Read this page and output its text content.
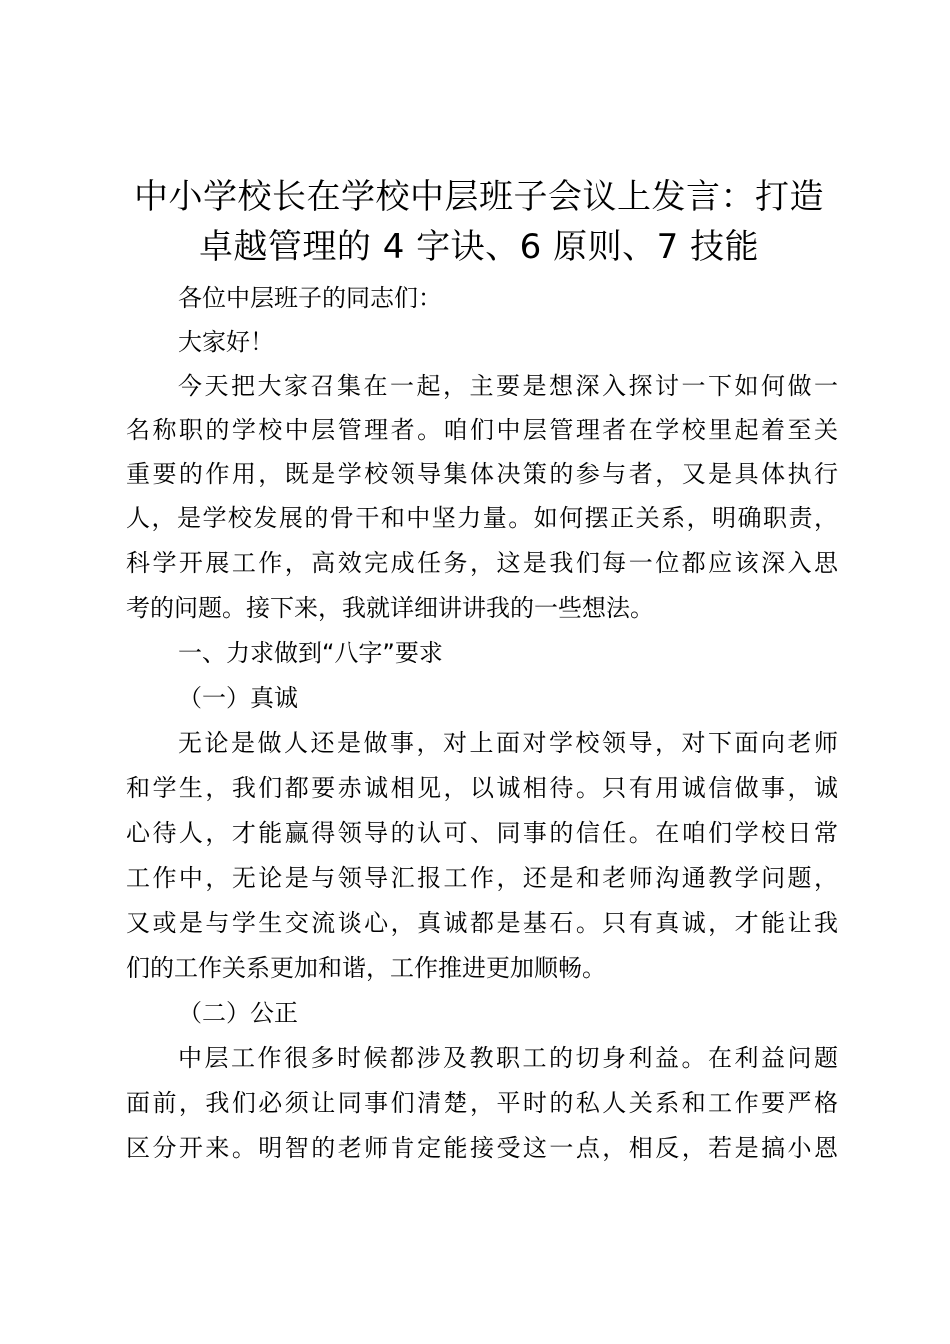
中小学校长在学校中层班子会议上发言：打造
卓越管理的 4 字诀、6 原则、7 技能

各位中层班子的同志们：

大家好！

今天把大家召集在一起，主要是想深入探讨一下如何做一

名称职的学校中层管理者。咱们中层管理者在学校里起着至关

重要的作用，既是学校领导集体决策的参与者，又是具体执行

人，是学校发展的骨干和中坚力量。如何摆正关系，明确职责，

科学开展工作，高效完成任务，这是我们每一位都应该深入思

考的问题。接下来，我就详细讲讲我的一些想法。

一、力求做到“八字”要求

（一）真诚

无论是做人还是做事，对上面对学校领导，对下面向老师

和学生，我们都要赤诚相见，以诚相待。只有用诚信做事，诚

心待人，才能赢得领导的认可、同事的信任。在咱们学校日常

工作中，无论是与领导汇报工作，还是和老师沟通教学问题，

又或是与学生交流谈心，真诚都是基石。只有真诚，才能让我

们的工作关系更加和谐，工作推进更加顺畅。

（二）公正

中层工作很多时候都涉及教职工的切身利益。在利益问题

面前，我们必须让同事们清楚，平时的私人关系和工作要严格

区分开来。明智的老师肯定能接受这一点，相反，若是搞小恩
